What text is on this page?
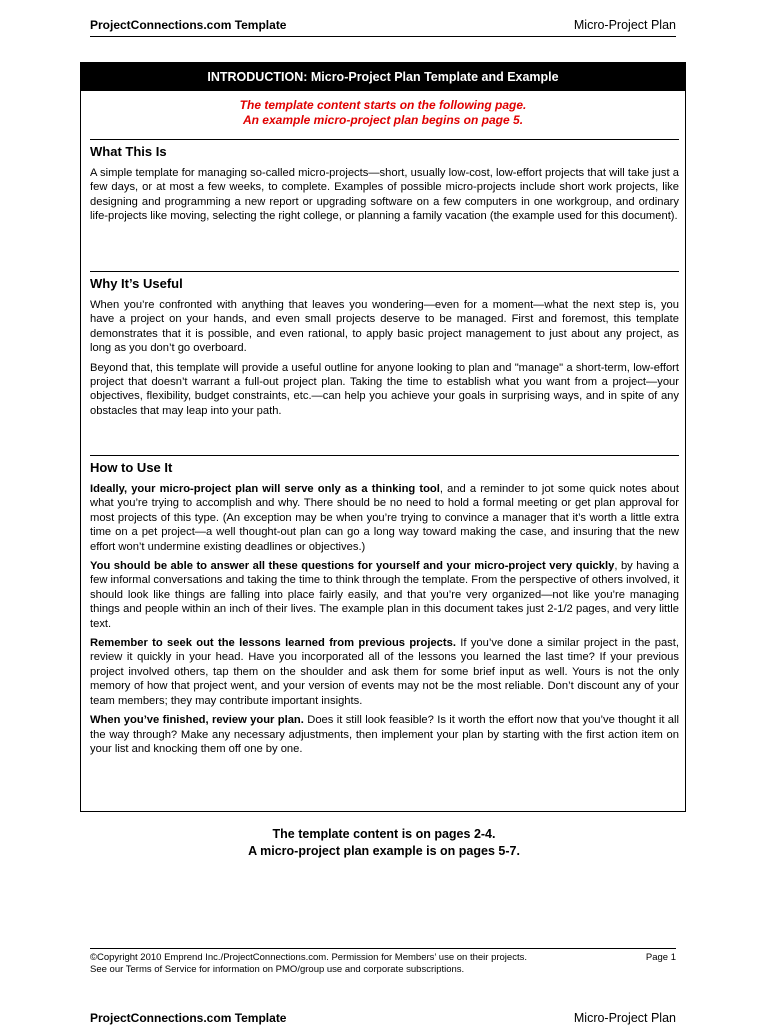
ProjectConnections.com Template	Micro-Project Plan
INTRODUCTION: Micro-Project Plan Template and Example
The template content starts on the following page.
An example micro-project plan begins on page 5.
What This Is

A simple template for managing so-called micro-projects—short, usually low-cost, low-effort projects that will take just a few days, or at most a few weeks, to complete. Examples of possible micro-projects include short work projects, like designing and programming a new report or upgrading software on a few computers in one workgroup, and ordinary life-projects like moving, selecting the right college, or planning a family vacation (the example used for this document).

Why It’s Useful

When you’re confronted with anything that leaves you wondering—even for a moment—what the next step is, you have a project on your hands, and even small projects deserve to be managed. First and foremost, this template demonstrates that it is possible, and even rational, to apply basic project management to just about any project, as long as you don’t go overboard.

Beyond that, this template will provide a useful outline for anyone looking to plan and "manage" a short-term, low-effort project that doesn’t warrant a full-out project plan. Taking the time to establish what you want from a project—your objectives, flexibility, budget constraints, etc.—can help you achieve your goals in surprising ways, and in spite of any obstacles that may leap into your path.

How to Use It

Ideally, your micro-project plan will serve only as a thinking tool, and a reminder to jot some quick notes about what you’re trying to accomplish and why. There should be no need to hold a formal meeting or get plan approval for most projects of this type. (An exception may be when you’re trying to convince a manager that it’s worth a little extra time on a pet project—a well thought-out plan can go a long way toward making the case, and insuring that the new effort won’t undermine existing deadlines or objectives.)

You should be able to answer all these questions for yourself and your micro-project very quickly, by having a few informal conversations and taking the time to think through the template. From the perspective of others involved, it should look like things are falling into place fairly easily, and that you’re very organized—not like you’re managing things and people within an inch of their lives. The example plan in this document takes just 2-1/2 pages, and very little text.

Remember to seek out the lessons learned from previous projects. If you’ve done a similar project in the past, review it quickly in your head. Have you incorporated all of the lessons you learned the last time? If your previous project involved others, tap them on the shoulder and ask them for some brief input as well. Yours is not the only memory of how that project went, and your version of events may not be the most reliable. Don’t discount any of your team members; they may contribute important insights.

When you’ve finished, review your plan. Does it still look feasible? Is it worth the effort now that you’ve thought it all the way through? Make any necessary adjustments, then implement your plan by starting with the first action item on your list and knocking them off one by one.

The template content is on pages 2-4.
A micro-project plan example is on pages 5-7.
©Copyright 2010 Emprend Inc./ProjectConnections.com. Permission for Members’ use on their projects.
See our Terms of Service for information on PMO/group use and corporate subscriptions.
Page 1
ProjectConnections.com Template	Micro-Project Plan
